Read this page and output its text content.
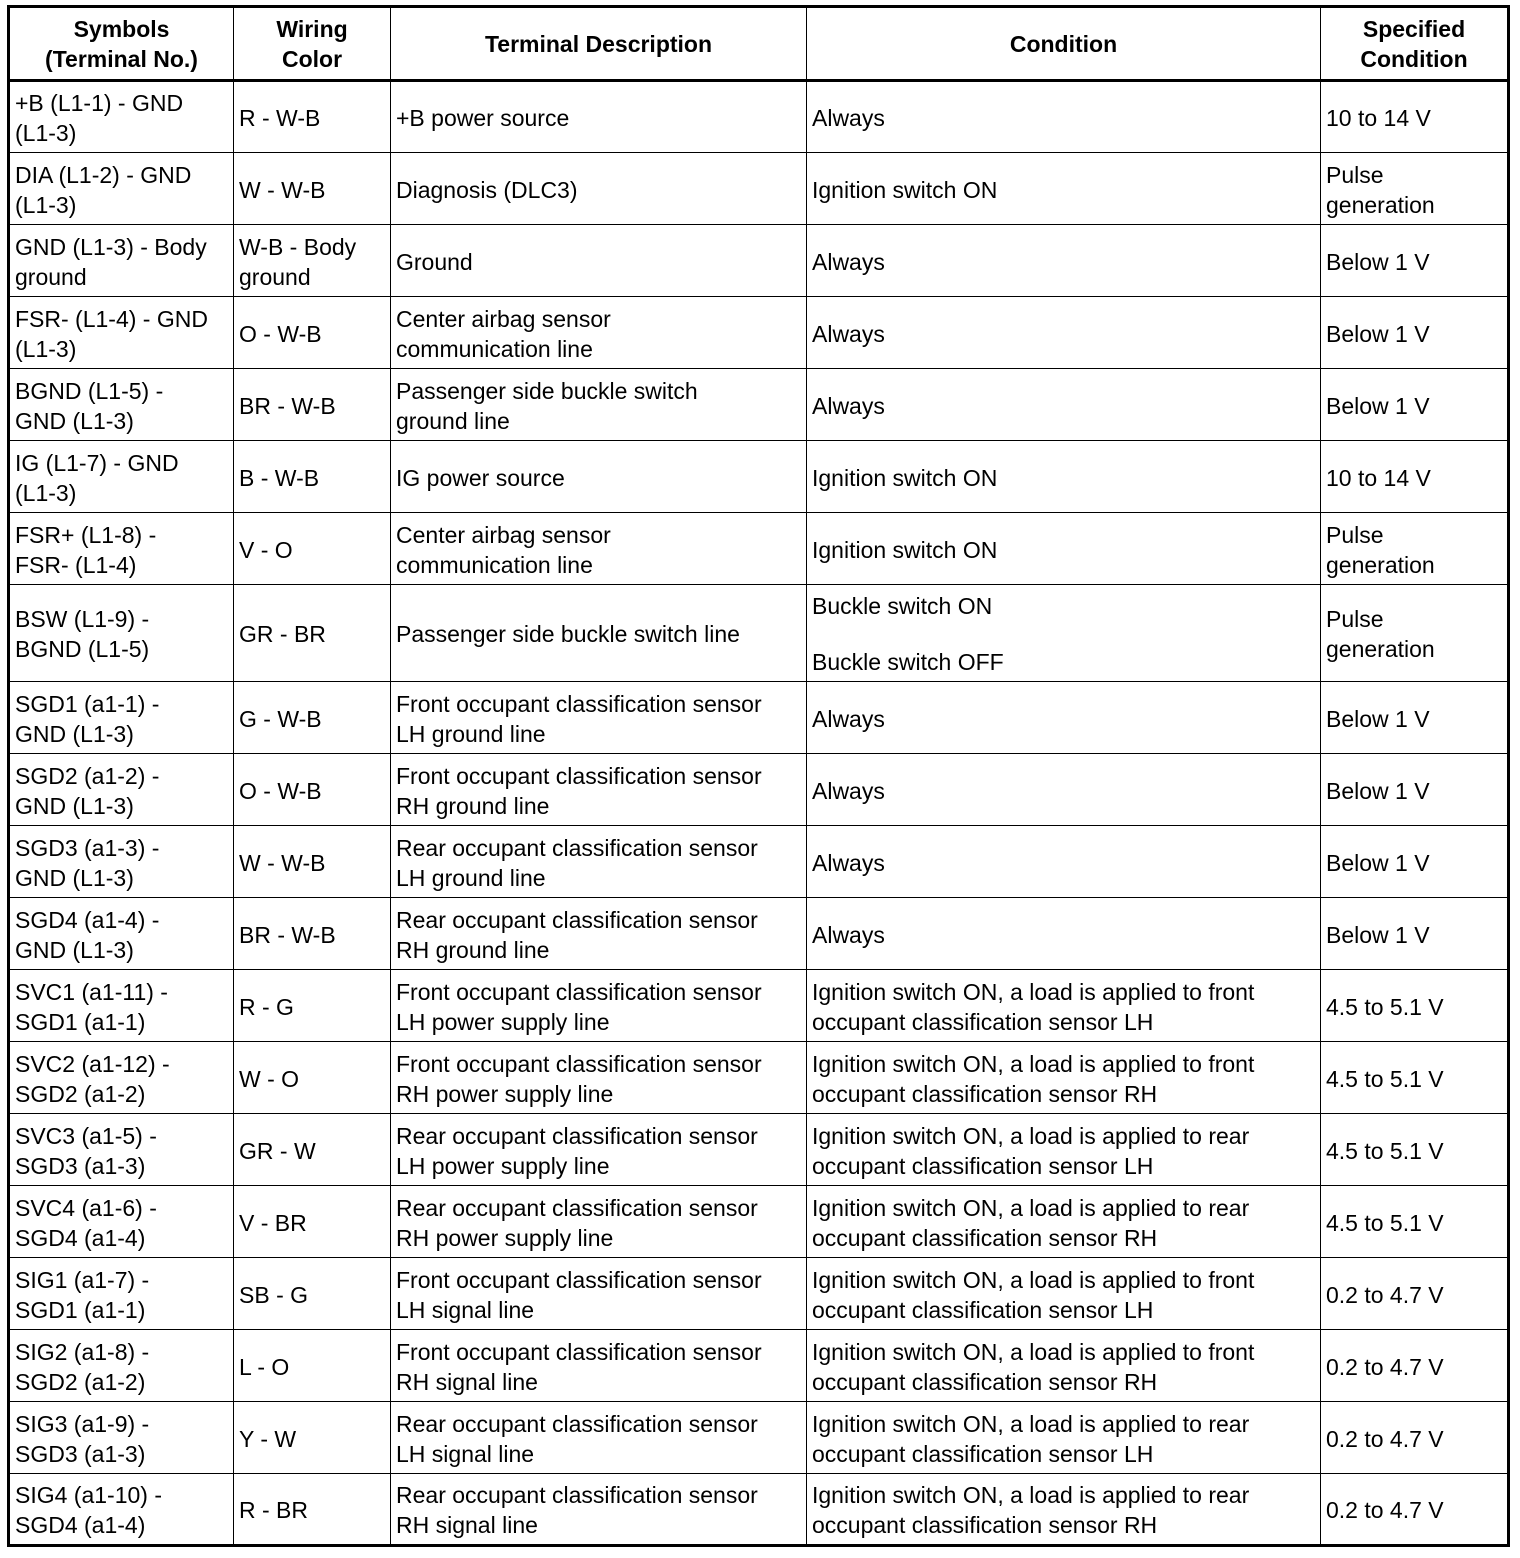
Symbols
(Terminal No.)	Wiring
Color	Terminal Description	Condition	Specified
Condition

+B (L1-1) - GND
(L1-3)	R - W-B	+B power source	Always	10 to 14 V

DIA (L1-2) - GND
(L1-3)	W - W-B	Diagnosis (DLC3)	Ignition switch ON	Pulse
generation

GND (L1-3) - Body
ground	W-B - Body
ground	Ground	Always	Below 1 V

FSR- (L1-4) - GND
(L1-3)	O - W-B	Center airbag sensor
communication line	Always	Below 1 V

BGND (L1-5) -
GND (L1-3)	BR - W-B	Passenger side buckle switch
ground line	Always	Below 1 V

IG (L1-7) - GND
(L1-3)	B - W-B	IG power source	Ignition switch ON	10 to 14 V

FSR+ (L1-8) -
FSR- (L1-4)	V - O	Center airbag sensor
communication line	Ignition switch ON	Pulse
generation

BSW (L1-9) -
BGND (L1-5)	GR - BR	Passenger side buckle switch line	Buckle switch ON
Buckle switch OFF	Pulse
generation

SGD1 (a1-1) -
GND (L1-3)	G - W-B	Front occupant classification sensor
LH ground line	Always	Below 1 V

SGD2 (a1-2) -
GND (L1-3)	O - W-B	Front occupant classification sensor
RH ground line	Always	Below 1 V

SGD3 (a1-3) -
GND (L1-3)	W - W-B	Rear occupant classification sensor
LH ground line	Always	Below 1 V

SGD4 (a1-4) -
GND (L1-3)	BR - W-B	Rear occupant classification sensor
RH ground line	Always	Below 1 V

SVC1 (a1-11) -
SGD1 (a1-1)	R - G	Front occupant classification sensor
LH power supply line	Ignition switch ON, a load is applied to front
occupant classification sensor LH	4.5 to 5.1 V

SVC2 (a1-12) -
SGD2 (a1-2)	W - O	Front occupant classification sensor
RH power supply line	Ignition switch ON, a load is applied to front
occupant classification sensor RH	4.5 to 5.1 V

SVC3 (a1-5) -
SGD3 (a1-3)	GR - W	Rear occupant classification sensor
LH power supply line	Ignition switch ON, a load is applied to rear
occupant classification sensor LH	4.5 to 5.1 V

SVC4 (a1-6) -
SGD4 (a1-4)	V - BR	Rear occupant classification sensor
RH power supply line	Ignition switch ON, a load is applied to rear
occupant classification sensor RH	4.5 to 5.1 V

SIG1 (a1-7) -
SGD1 (a1-1)	SB - G	Front occupant classification sensor
LH signal line	Ignition switch ON, a load is applied to front
occupant classification sensor LH	0.2 to 4.7 V

SIG2 (a1-8) -
SGD2 (a1-2)	L - O	Front occupant classification sensor
RH signal line	Ignition switch ON, a load is applied to front
occupant classification sensor RH	0.2 to 4.7 V

SIG3 (a1-9) -
SGD3 (a1-3)	Y - W	Rear occupant classification sensor
LH signal line	Ignition switch ON, a load is applied to rear
occupant classification sensor LH	0.2 to 4.7 V

SIG4 (a1-10) -
SGD4 (a1-4)	R - BR	Rear occupant classification sensor
RH signal line	Ignition switch ON, a load is applied to rear
occupant classification sensor RH	0.2 to 4.7 V
